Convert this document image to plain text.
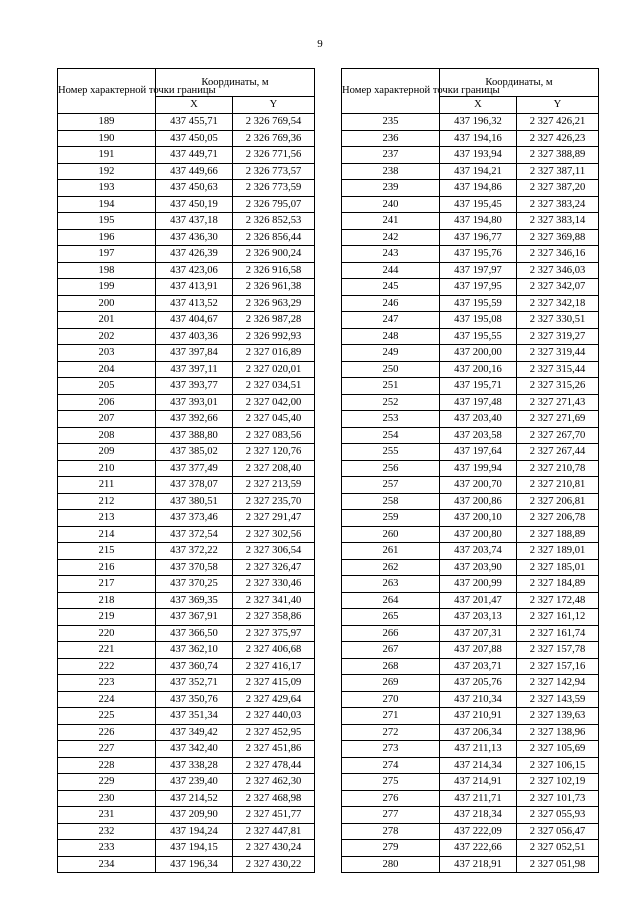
9
Номер характерной точки границы	Координаты, м	
	X	Y
189	437 455,71	2 326 769,54
190	437 450,05	2 326 769,36
191	437 449,71	2 326 771,56
192	437 449,66	2 326 773,57
193	437 450,63	2 326 773,59
194	437 450,19	2 326 795,07
195	437 437,18	2 326 852,53
196	437 436,30	2 326 856,44
197	437 426,39	2 326 900,24
198	437 423,06	2 326 916,58
199	437 413,91	2 326 961,38
200	437 413,52	2 326 963,29
201	437 404,67	2 326 987,28
202	437 403,36	2 326 992,93
203	437 397,84	2 327 016,89
204	437 397,11	2 327 020,01
205	437 393,77	2 327 034,51
206	437 393,01	2 327 042,00
207	437 392,66	2 327 045,40
208	437 388,80	2 327 083,56
209	437 385,02	2 327 120,76
210	437 377,49	2 327 208,40
211	437 378,07	2 327 213,59
212	437 380,51	2 327 235,70
213	437 373,46	2 327 291,47
214	437 372,54	2 327 302,56
215	437 372,22	2 327 306,54
216	437 370,58	2 327 326,47
217	437 370,25	2 327 330,46
218	437 369,35	2 327 341,40
219	437 367,91	2 327 358,86
220	437 366,50	2 327 375,97
221	437 362,10	2 327 406,68
222	437 360,74	2 327 416,17
223	437 352,71	2 327 415,09
224	437 350,76	2 327 429,64
225	437 351,34	2 327 440,03
226	437 349,42	2 327 452,95
227	437 342,40	2 327 451,86
228	437 338,28	2 327 478,44
229	437 239,40	2 327 462,30
230	437 214,52	2 327 468,98
231	437 209,90	2 327 451,77
232	437 194,24	2 327 447,81
233	437 194,15	2 327 430,24
234	437 196,34	2 327 430,22
Номер характерной точки границы	Координаты, м	
	X	Y
235	437 196,32	2 327 426,21
236	437 194,16	2 327 426,23
237	437 193,94	2 327 388,89
238	437 194,21	2 327 387,11
239	437 194,86	2 327 387,20
240	437 195,45	2 327 383,24
241	437 194,80	2 327 383,14
242	437 196,77	2 327 369,88
243	437 195,76	2 327 346,16
244	437 197,97	2 327 346,03
245	437 197,95	2 327 342,07
246	437 195,59	2 327 342,18
247	437 195,08	2 327 330,51
248	437 195,55	2 327 319,27
249	437 200,00	2 327 319,44
250	437 200,16	2 327 315,44
251	437 195,71	2 327 315,26
252	437 197,48	2 327 271,43
253	437 203,40	2 327 271,69
254	437 203,58	2 327 267,70
255	437 197,64	2 327 267,44
256	437 199,94	2 327 210,78
257	437 200,70	2 327 210,81
258	437 200,86	2 327 206,81
259	437 200,10	2 327 206,78
260	437 200,80	2 327 188,89
261	437 203,74	2 327 189,01
262	437 203,90	2 327 185,01
263	437 200,99	2 327 184,89
264	437 201,47	2 327 172,48
265	437 203,13	2 327 161,12
266	437 207,31	2 327 161,74
267	437 207,88	2 327 157,78
268	437 203,71	2 327 157,16
269	437 205,76	2 327 142,94
270	437 210,34	2 327 143,59
271	437 210,91	2 327 139,63
272	437 206,34	2 327 138,96
273	437 211,13	2 327 105,69
274	437 214,34	2 327 106,15
275	437 214,91	2 327 102,19
276	437 211,71	2 327 101,73
277	437 218,34	2 327 055,93
278	437 222,09	2 327 056,47
279	437 222,66	2 327 052,51
280	437 218,91	2 327 051,98
